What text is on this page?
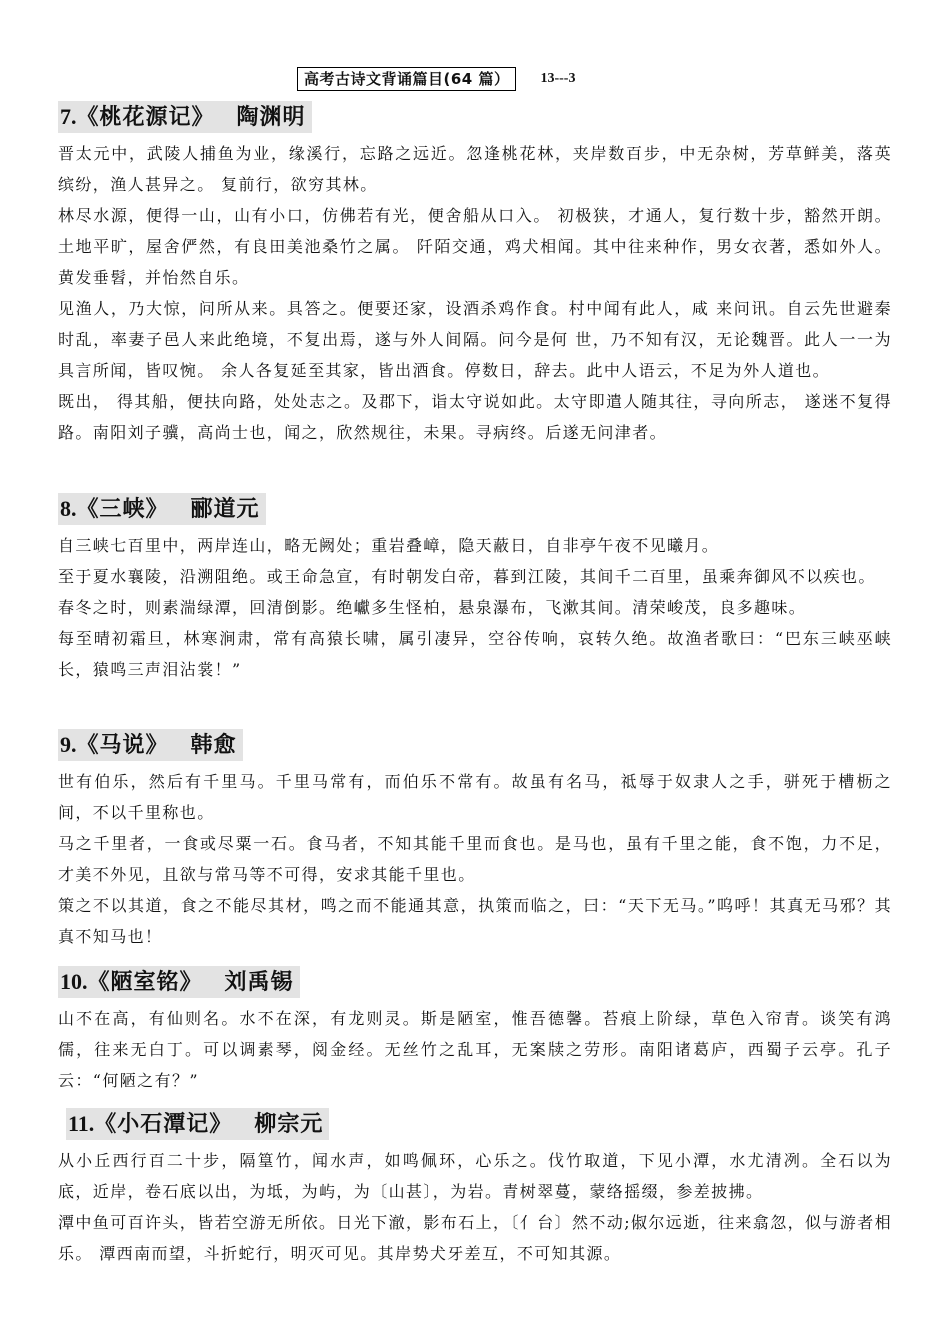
高考古诗文背诵篇目(64 篇）	13---3
7.《桃花源记》 陶渊明

晋太元中，武陵人捕鱼为业，缘溪行，忘路之远近。忽逢桃花林，夹岸数百步，中无杂树，芳草鲜美，落英缤纷，渔人甚异之。 复前行，欲穷其林。

林尽水源，便得一山，山有小口，仿佛若有光，便舍船从口入。 初极狭，才通人，复行数十步，豁然开朗。土地平旷，屋舍俨然，有良田美池桑竹之属。 阡陌交通，鸡犬相闻。其中往来种作，男女衣著，悉如外人。黄发垂髫，并怡然自乐。

见渔人，乃大惊，问所从来。具答之。便要还家，设酒杀鸡作食。村中闻有此人，咸 来问讯。自云先世避秦时乱，率妻子邑人来此绝境，不复出焉，遂与外人间隔。问今是何 世，乃不知有汉，无论魏晋。此人一一为具言所闻，皆叹惋。 余人各复延至其家，皆出酒食。停数日，辞去。此中人语云，不足为外人道也。

既出， 得其船，便扶向路，处处志之。及郡下，诣太守说如此。太守即遣人随其往，寻向所志， 遂迷不复得路。南阳刘子骥，高尚士也，闻之，欣然规往，未果。寻病终。后遂无问津者。

8.《三峡》 郦道元

自三峡七百里中，两岸连山，略无阙处；重岩叠嶂，隐天蔽日，自非亭午夜不见曦月。

至于夏水襄陵，沿溯阻绝。或王命急宣，有时朝发白帝，暮到江陵，其间千二百里，虽乘奔御风不以疾也。

春冬之时，则素湍绿潭，回清倒影。绝巘多生怪柏，悬泉瀑布，飞漱其间。清荣峻茂，良多趣味。

每至晴初霜旦，林寒涧肃，常有高猿长啸，属引凄异，空谷传响，哀转久绝。故渔者歌曰：“巴东三峡巫峡长，猿鸣三声泪沾裳！”

9.《马说》 韩愈

世有伯乐，然后有千里马。千里马常有，而伯乐不常有。故虽有名马，祗辱于奴隶人之手，骈死于槽枥之间，不以千里称也。

马之千里者，一食或尽粟一石。食马者，不知其能千里而食也。是马也，虽有千里之能，食不饱，力不足，才美不外见，且欲与常马等不可得，安求其能千里也。

策之不以其道，食之不能尽其材，鸣之而不能通其意，执策而临之，曰：“天下无马。”呜呼！其真无马邪？其真不知马也！

10.《陋室铭》 刘禹锡

山不在高，有仙则名。水不在深，有龙则灵。斯是陋室，惟吾德馨。苔痕上阶绿，草色入帘青。谈笑有鸿儒，往来无白丁。可以调素琴，阅金经。无丝竹之乱耳，无案牍之劳形。南阳诸葛庐，西蜀子云亭。孔子云：“何陋之有？”

11.《小石潭记》 柳宗元

从小丘西行百二十步，隔篁竹，闻水声，如鸣佩环，心乐之。伐竹取道，下见小潭，水尤清冽。全石以为底，近岸，卷石底以出，为坻，为屿，为〔山甚〕，为岩。青树翠蔓，蒙络摇缀，参差披拂。

潭中鱼可百许头，皆若空游无所依。日光下澈，影布石上，〔亻台〕然不动;俶尔远逝，往来翕忽，似与游者相乐。 潭西南而望，斗折蛇行，明灭可见。其岸势犬牙差互，不可知其源。
